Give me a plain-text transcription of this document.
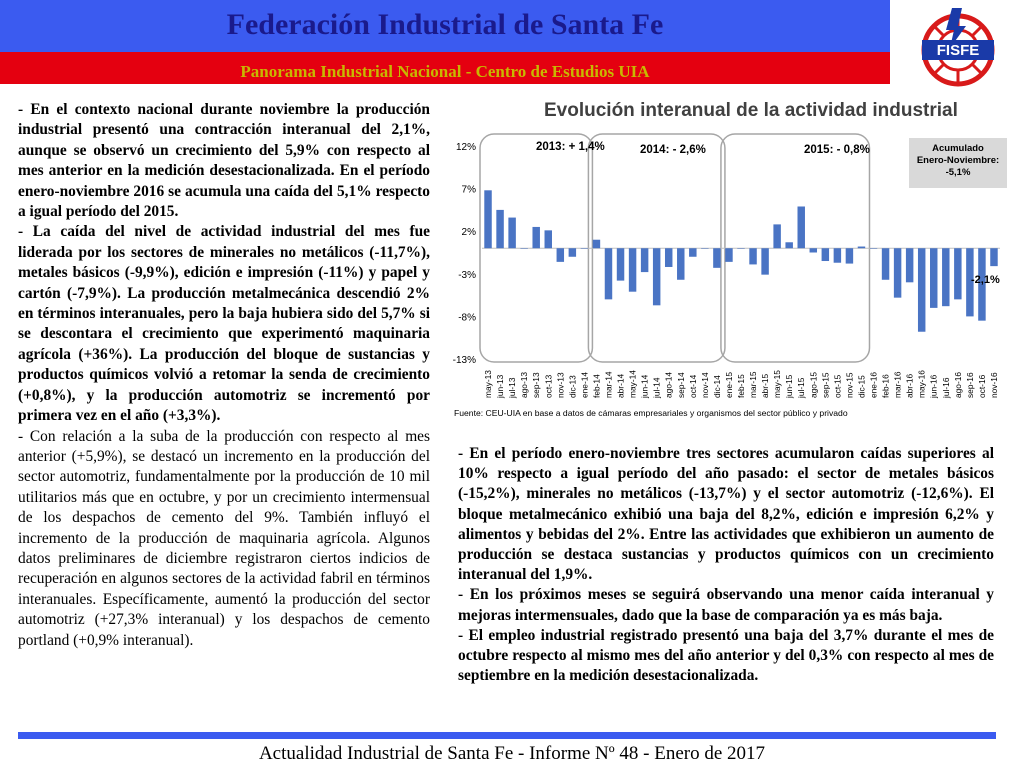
Federación Industrial de Santa Fe
Panorama Industrial Nacional - Centro de Estudios UIA
FISFE

- En el contexto nacional durante noviembre la producción industrial presentó una contracción interanual del 2,1%, aunque se observó un crecimiento del 5,9% con respecto al mes anterior en la medición desestacionalizada. En el período enero-noviembre 2016 se acumula una caída del 5,1% respecto a igual período del 2015.

- La caída del nivel de actividad industrial del mes fue liderada por los sectores de minerales no metálicos (-11,7%), metales básicos (-9,9%), edición e impresión (-11%) y papel y cartón (-7,9%). La producción metalmecánica descendió 2% en términos interanuales, pero la baja hubiera sido del 5,7% si se descontara el crecimiento que experimentó maquinaria agrícola (+36%). La producción del bloque de sustancias y productos químicos volvió a retomar la senda de crecimiento (+0,8%), y la producción automotriz se incrementó por primera vez en el año (+3,3%).

- Con relación a la suba de la producción con respecto al mes anterior (+5,9%), se destacó un incremento en la producción del sector automotriz, fundamentalmente por la producción de 10 mil utilitarios más que en octubre, y por un crecimiento intermensual de los despachos de cemento del 9%. También influyó el incremento de la producción de maquinaria agrícola. Algunos datos preliminares de diciembre registraron ciertos indicios de recuperación en algunos sectores de la actividad fabril en términos interanuales. Específicamente, aumentó la producción del sector automotriz (+27,3% interanual) y los despachos de cemento portland (+0,9% interanual).

Evolución interanual de la actividad industrial
may-13 jun-13 jul-13 ago-13 sep-13 oct-13 nov-13 dic-13 ene-14 feb-14 mar-14 abr-14 may-14 jun-14 jul-14 ago-14 sep-14 oct-14 nov-14 dic-14 ene-15 feb-15 mar-15 abr-15 may-15 jun-15 jul-15 ago-15 sep-15 oct-15 nov-15 dic-15 ene-16 feb-16 mar-16 abr-16 may-16 jun-16 jul-16 ago-16 sep-16 oct-16 nov-16
12%
7%
2%
-3%
-8%
-13%
2013: + 1,4%	2014: - 2,6%	2015: - 0,8%	Acumulado
Enero-Noviembre:
-5,1%
-2,1%
Fuente: CEU-UIA en base a datos de cámaras empresariales y organismos del sector público y privado

- En el período enero-noviembre tres sectores acumularon caídas superiores al 10% respecto a igual período del año pasado: el sector de metales básicos (-15,2%), minerales no metálicos (-13,7%) y el sector automotriz (-12,6%). El bloque metalmecánico exhibió una baja del 8,2%, edición e impresión 6,2% y alimentos y bebidas del 2%. Entre las actividades que exhibieron un aumento de producción se destaca sustancias y productos químicos con un crecimiento interanual del 1,9%.

- En los próximos meses se seguirá observando una menor caída interanual y mejoras intermensuales, dado que la base de comparación ya es más baja.

- El empleo industrial registrado presentó una baja del 3,7% durante el mes de octubre respecto al mismo mes del año anterior y del 0,3% con respecto al mes de septiembre en la medición desestacionalizada.

Actualidad Industrial de Santa Fe - Informe Nº 48 - Enero de 2017
